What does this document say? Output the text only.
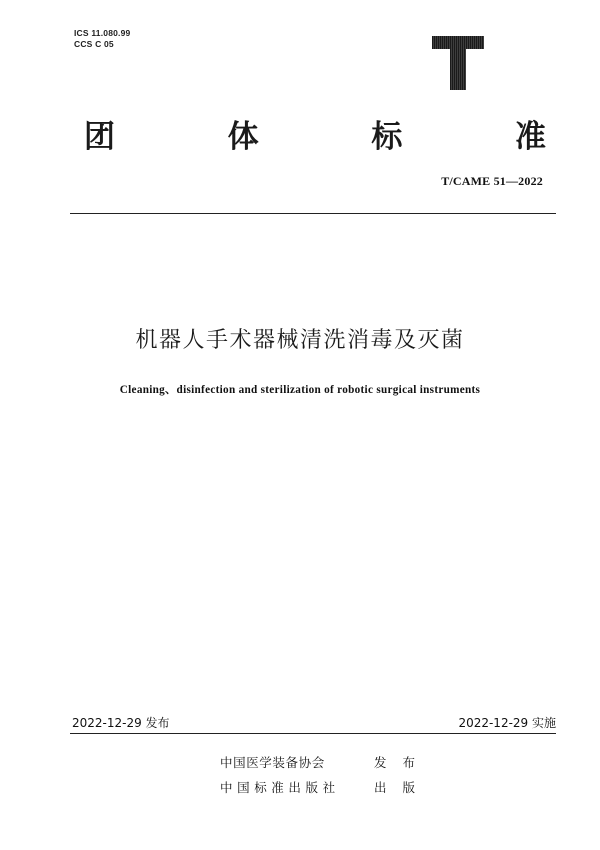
ICS 11.080.99
CCS C 05
团	体	标	准
T/CAME 51—2022
机器人手术器械清洗消毒及灭菌
Cleaning、disinfection and sterilization of robotic surgical instruments
2022-12-29 发布	2022-12-29 实施
中国医学装备协会	发 布
中国标准出版社	出 版
